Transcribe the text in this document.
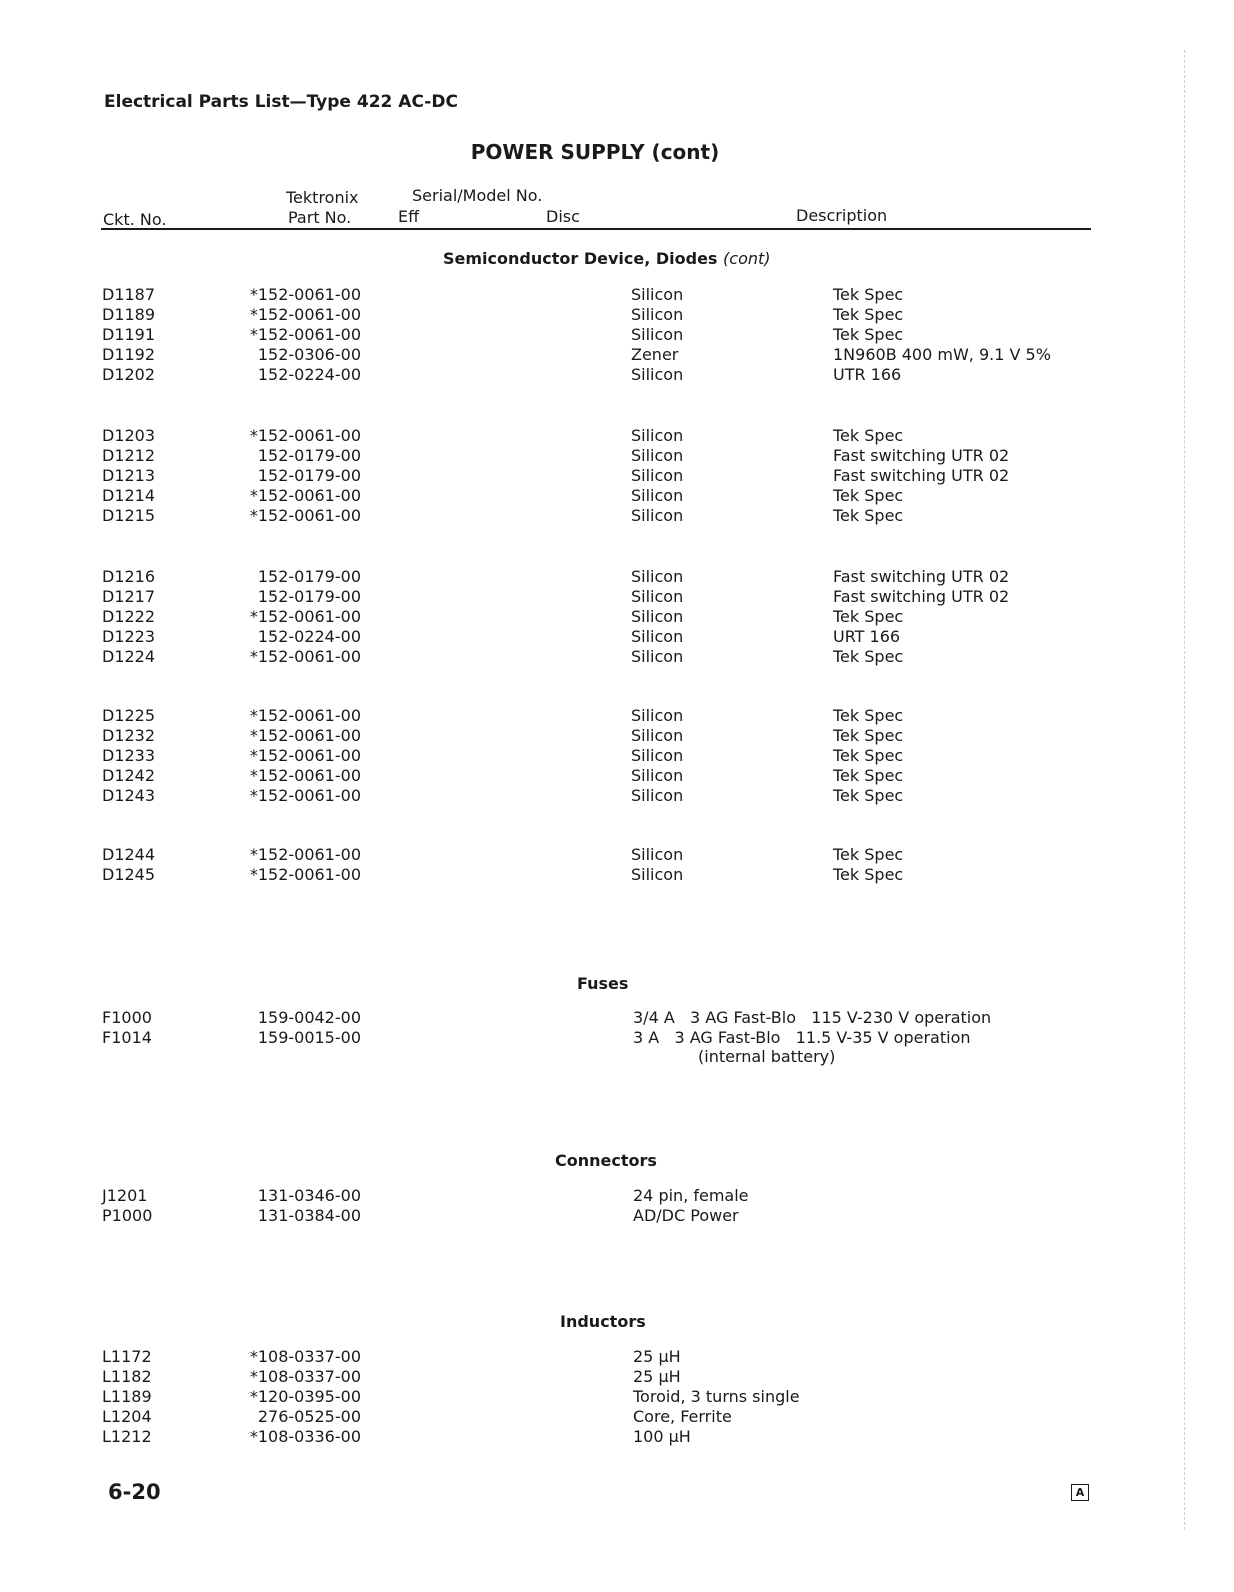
Electrical Parts List—Type 422 AC-DC
POWER SUPPLY (cont)
Tektronix	Serial/Model No.
Ckt. No.	Part No.	Eff	Disc	Description
Semiconductor Device, Diodes (cont)
D1187	*152-0061-00	Silicon	Tek Spec
D1189	*152-0061-00	Silicon	Tek Spec
D1191	*152-0061-00	Silicon	Tek Spec
D1192	152-0306-00	Zener	1N960B 400 mW, 9.1 V 5%
D1202	152-0224-00	Silicon	UTR 166
D1203	*152-0061-00	Silicon	Tek Spec
D1212	152-0179-00	Silicon	Fast switching UTR 02
D1213	152-0179-00	Silicon	Fast switching UTR 02
D1214	*152-0061-00	Silicon	Tek Spec
D1215	*152-0061-00	Silicon	Tek Spec
D1216	152-0179-00	Silicon	Fast switching UTR 02
D1217	152-0179-00	Silicon	Fast switching UTR 02
D1222	*152-0061-00	Silicon	Tek Spec
D1223	152-0224-00	Silicon	URT 166
D1224	*152-0061-00	Silicon	Tek Spec
D1225	*152-0061-00	Silicon	Tek Spec
D1232	*152-0061-00	Silicon	Tek Spec
D1233	*152-0061-00	Silicon	Tek Spec
D1242	*152-0061-00	Silicon	Tek Spec
D1243	*152-0061-00	Silicon	Tek Spec
D1244	*152-0061-00	Silicon	Tek Spec
D1245	*152-0061-00	Silicon	Tek Spec
Fuses
F1000	159-0042-00	3/4 A   3 AG Fast-Blo   115 V-230 V operation
F1014	159-0015-00	3 A   3 AG Fast-Blo   11.5 V-35 V operation
(internal battery)
Connectors
J1201	131-0346-00	24 pin, female
P1000	131-0384-00	AD/DC Power
Inductors
L1172	*108-0337-00	25 μH
L1182	*108-0337-00	25 μH
L1189	*120-0395-00	Toroid, 3 turns single
L1204	276-0525-00	Core, Ferrite
L1212	*108-0336-00	100 μH
6-20	A
